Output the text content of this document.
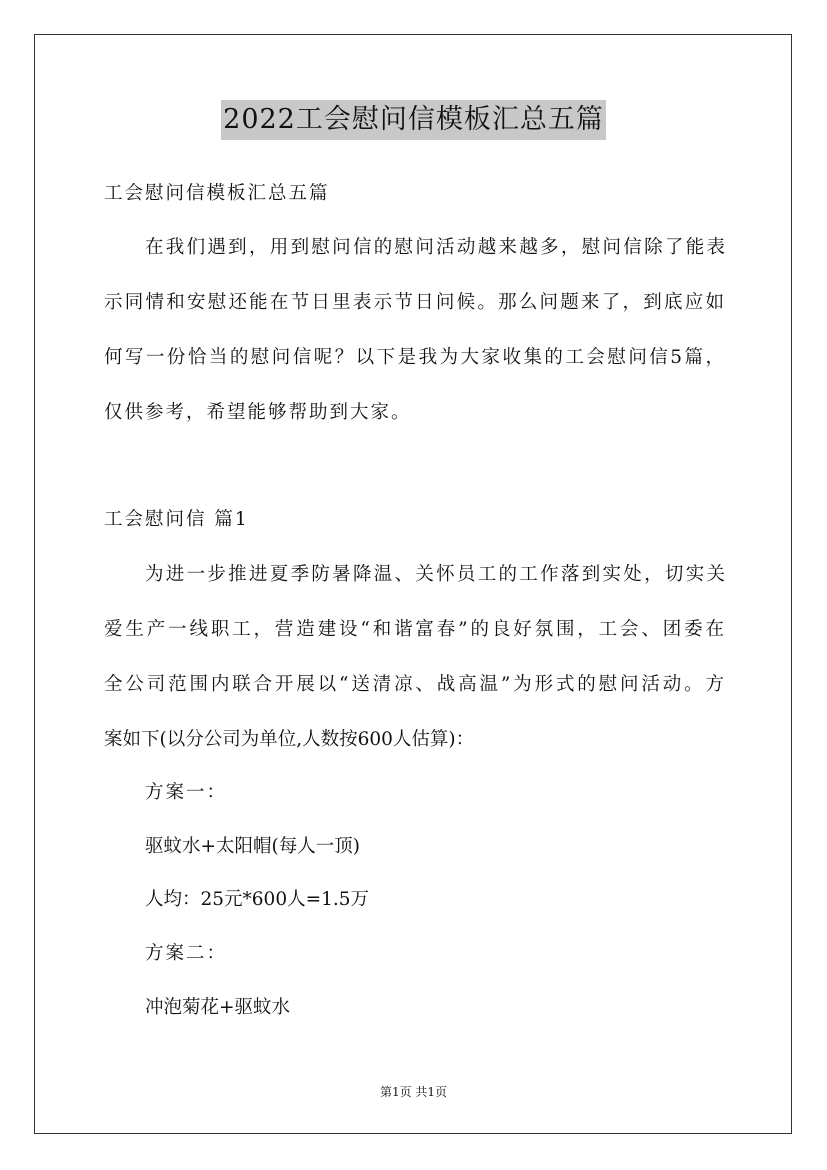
2022工会慰问信模板汇总五篇
工会慰问信模板汇总五篇
在我们遇到，用到慰问信的慰问活动越来越多，慰问信除了能表
示同情和安慰还能在节日里表示节日问候。那么问题来了，到底应如
何写一份恰当的慰问信呢？以下是我为大家收集的工会慰问信5篇，
仅供参考，希望能够帮助到大家。
工会慰问信 篇1
为进一步推进夏季防暑降温、关怀员工的工作落到实处，切实关
爱生产一线职工，营造建设“和谐富春”的良好氛围，工会、团委在
全公司范围内联合开展以“送清凉、战高温”为形式的慰问活动。方
案如下(以分公司为单位,人数按600人估算)：
方案一：
驱蚊水+太阳帽(每人一顶)
人均：25元*600人=1.5万
方案二：
冲泡菊花+驱蚊水
第1页 共1页
